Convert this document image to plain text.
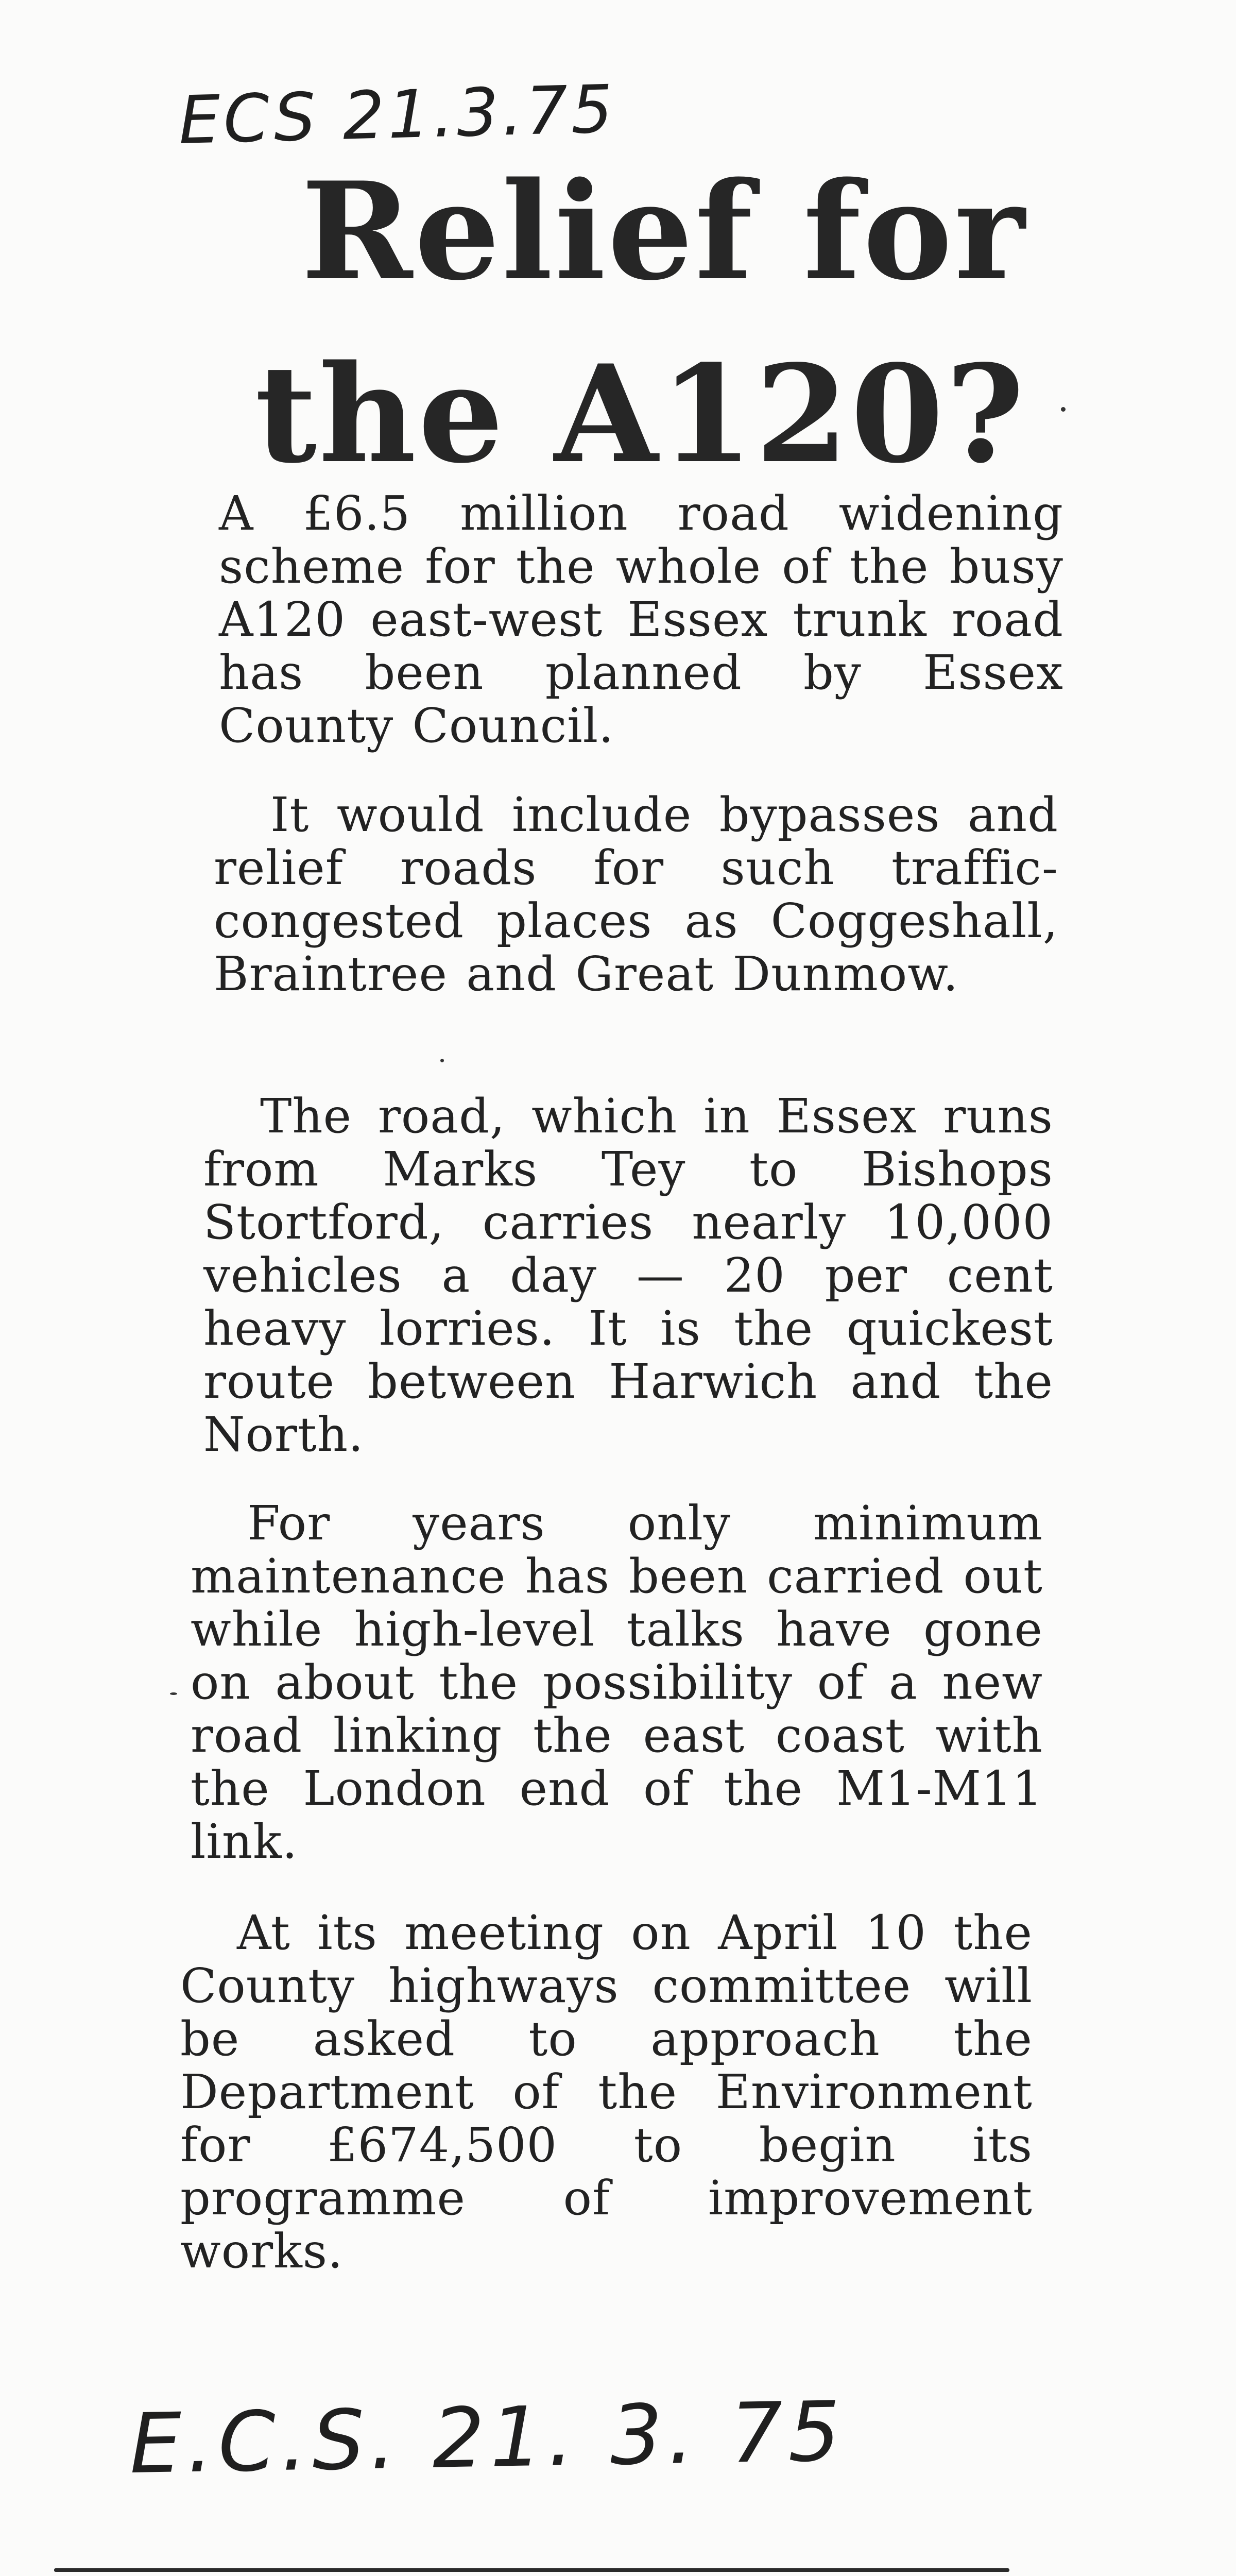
ECS 21.3.75
Relief for
the A120?

A £6.5 million road widening scheme for the whole of the busy A120 east-west Essex trunk road has been planned by Essex County Council.

It would include bypasses and relief roads for such traffic-congested places as Coggeshall, Braintree and Great Dunmow.

The road, which in Essex runs from Marks Tey to Bishops Stortford, carries nearly 10,000 vehicles a day — 20 per cent heavy lorries. It is the quickest route between Harwich and the North.

For years only minimum maintenance has been carried out while high-level talks have gone on about the possibility of a new road linking the east coast with the London end of the M1-M11 link.

At its meeting on April 10 the County highways committee will be asked to approach the Department of the Environment for £674,500 to begin its programme of improvement works.

E.C.S. 21. 3. 75
